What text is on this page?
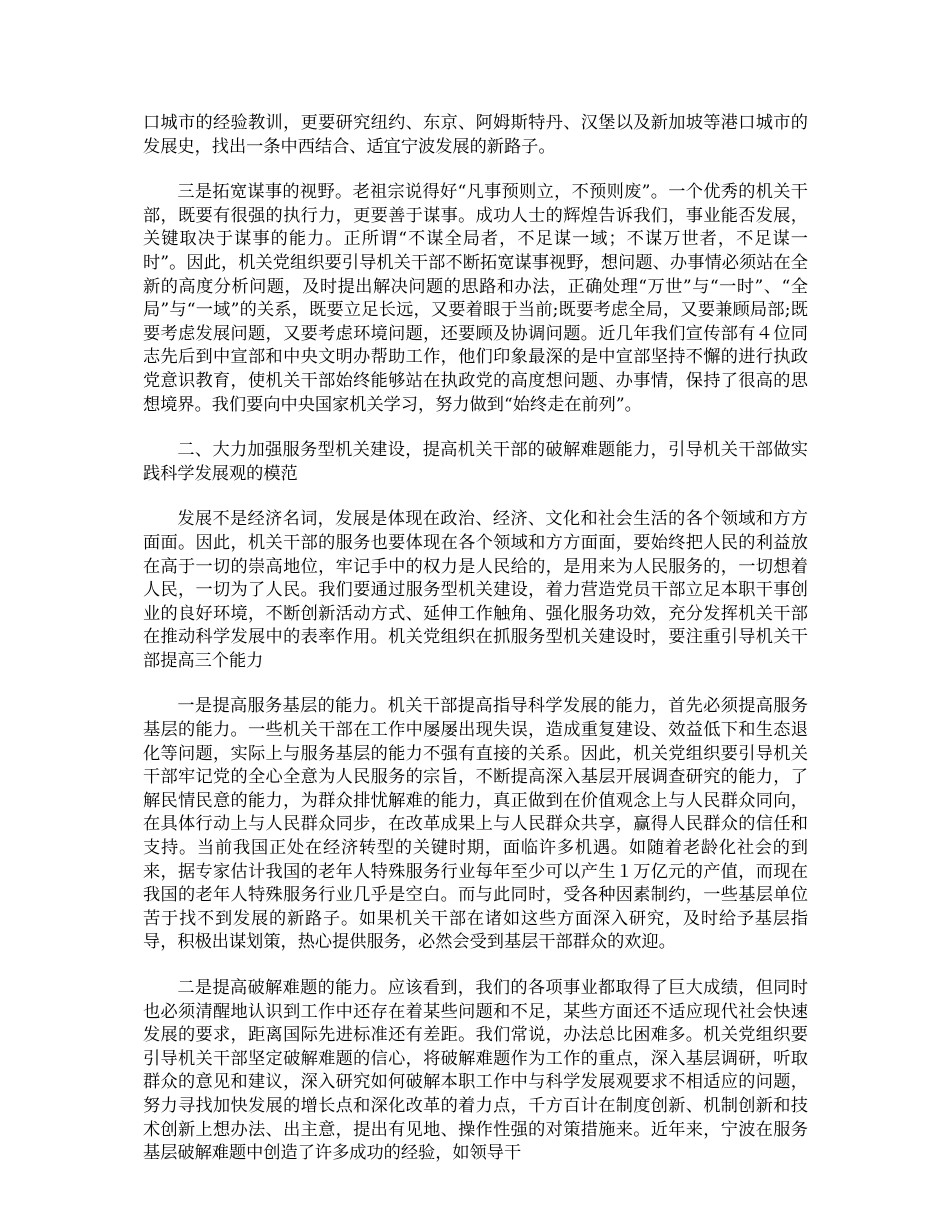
口城市的经验教训，更要研究纽约、东京、阿姆斯特丹、汉堡以及新加坡等港口城市的发展史，找出一条中西结合、适宜宁波发展的新路子。

三是拓宽谋事的视野。老祖宗说得好“凡事预则立，不预则废”。一个优秀的机关干部，既要有很强的执行力，更要善于谋事。成功人士的辉煌告诉我们，事业能否发展，关键取决于谋事的能力。正所谓“不谋全局者，不足谋一域；不谋万世者，不足谋一时”。因此，机关党组织要引导机关干部不断拓宽谋事视野，想问题、办事情必须站在全新的高度分析问题，及时提出解决问题的思路和办法，正确处理“万世”与“一时”、“全局”与“一域”的关系，既要立足长远，又要着眼于当前;既要考虑全局，又要兼顾局部;既要考虑发展问题，又要考虑环境问题，还要顾及协调问题。近几年我们宣传部有４位同志先后到中宣部和中央文明办帮助工作，他们印象最深的是中宣部坚持不懈的进行执政党意识教育，使机关干部始终能够站在执政党的高度想问题、办事情，保持了很高的思想境界。我们要向中央国家机关学习，努力做到“始终走在前列”。

二、大力加强服务型机关建设，提高机关干部的破解难题能力，引导机关干部做实践科学发展观的模范

发展不是经济名词，发展是体现在政治、经济、文化和社会生活的各个领域和方方面面。因此，机关干部的服务也要体现在各个领域和方方面面，要始终把人民的利益放在高于一切的崇高地位，牢记手中的权力是人民给的，是用来为人民服务的，一切想着人民，一切为了人民。我们要通过服务型机关建设，着力营造党员干部立足本职干事创业的良好环境，不断创新活动方式、延伸工作触角、强化服务功效，充分发挥机关干部在推动科学发展中的表率作用。机关党组织在抓服务型机关建设时，要注重引导机关干部提高三个能力

一是提高服务基层的能力。机关干部提高指导科学发展的能力，首先必须提高服务基层的能力。一些机关干部在工作中屡屡出现失误，造成重复建设、效益低下和生态退化等问题，实际上与服务基层的能力不强有直接的关系。因此，机关党组织要引导机关干部牢记党的全心全意为人民服务的宗旨，不断提高深入基层开展调查研究的能力，了解民情民意的能力，为群众排忧解难的能力，真正做到在价值观念上与人民群众同向，在具体行动上与人民群众同步，在改革成果上与人民群众共享，赢得人民群众的信任和支持。当前我国正处在经济转型的关键时期，面临许多机遇。如随着老龄化社会的到来，据专家估计我国的老年人特殊服务行业每年至少可以产生１万亿元的产值，而现在我国的老年人特殊服务行业几乎是空白。而与此同时，受各种因素制约，一些基层单位苦于找不到发展的新路子。如果机关干部在诸如这些方面深入研究，及时给予基层指导，积极出谋划策，热心提供服务，必然会受到基层干部群众的欢迎。

二是提高破解难题的能力。应该看到，我们的各项事业都取得了巨大成绩，但同时也必须清醒地认识到工作中还存在着某些问题和不足，某些方面还不适应现代社会快速发展的要求，距离国际先进标准还有差距。我们常说，办法总比困难多。机关党组织要引导机关干部坚定破解难题的信心，将破解难题作为工作的重点，深入基层调研，听取群众的意见和建议，深入研究如何破解本职工作中与科学发展观要求不相适应的问题，努力寻找加快发展的增长点和深化改革的着力点，千方百计在制度创新、机制创新和技术创新上想办法、出主意，提出有见地、操作性强的对策措施来。近年来，宁波在服务基层破解难题中创造了许多成功的经验，如领导干
